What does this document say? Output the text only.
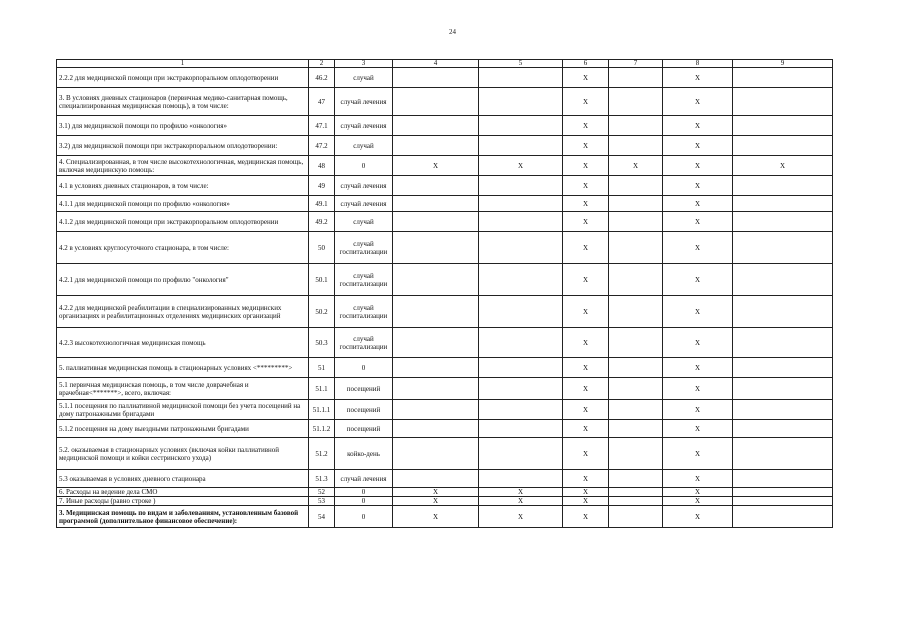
24
1	2	3	4	5	6	7	8	9	
2.2.2 для медицинской помощи при экстракорпоральном оплодотворении	46.2	случай			X		X		
3. В условиях дневных стационаров (первичная медико-санитарная помощь, специализированная медицинская помощь), в том числе:	47	случай лечения			X		X		
3.1) для медицинской помощи по профилю «онкология»	47.1	случай лечения			X		X		
3.2) для медицинской помощи при экстракорпоральном оплодотворении:	47.2	случай			X		X		
4. Специализированная, в том числе высокотехнологичная, медицинская помощь, включая медицинскую помощь:	48	0	X	X	X	X	X	X	
4.1 в условиях дневных стационаров, в том числе:	49	случай лечения			X		X		
4.1.1 для медицинской помощи по профилю «онкология»	49.1	случай лечения			X		X		
4.1.2 для медицинской помощи при экстракорпоральном оплодотворении	49.2	случай			X		X		
4.2 в условиях круглосуточного стационара, в том числе:	50	случай госпитализации			X		X		
4.2.1 для медицинской помощи по профилю "онкология"	50.1	случай госпитализации			X		X		
4.2.2 для медицинской реабилитации в специализированных медицинских организациях и реабилитационных отделениях медицинских организаций	50.2	случай госпитализации			X		X		
4.2.3 высокотехнологичная медицинская помощь	50.3	случай госпитализации			X		X		
5. паллиативная медицинская помощь в стационарных условиях <*********>	51	0			X		X		
5.1 первичная медицинская помощь, в том числе доврачебная и врачебная<*******>, всего, включая:	51.1	посещений			X		X		
5.1.1 посещения по паллиативной медицинской помощи без учета посещений на дому патронажными бригадами	51.1.1	посещений			X		X		
5.1.2 посещения на дому выездными патронажными бригадами	51.1.2	посещений			X		X		
5.2. оказываемая в стационарных условиях (включая койки паллиативной медицинской помощи и койки сестринского ухода)	51.2	койко-день			X		X		
5.3 оказываемая в условиях дневного стационара	51.3	случай лечения			X		X		
6. Расходы на ведение дела СМО	52	0	X	X	X		X		
7. Иные расходы (равно строке )	53	0	X	X	X		X		
3. Медицинская помощь по видам и заболеваниям, установленным базовой программой (дополнительное финансовое обеспечение):	54	0	X	X	X		X		
